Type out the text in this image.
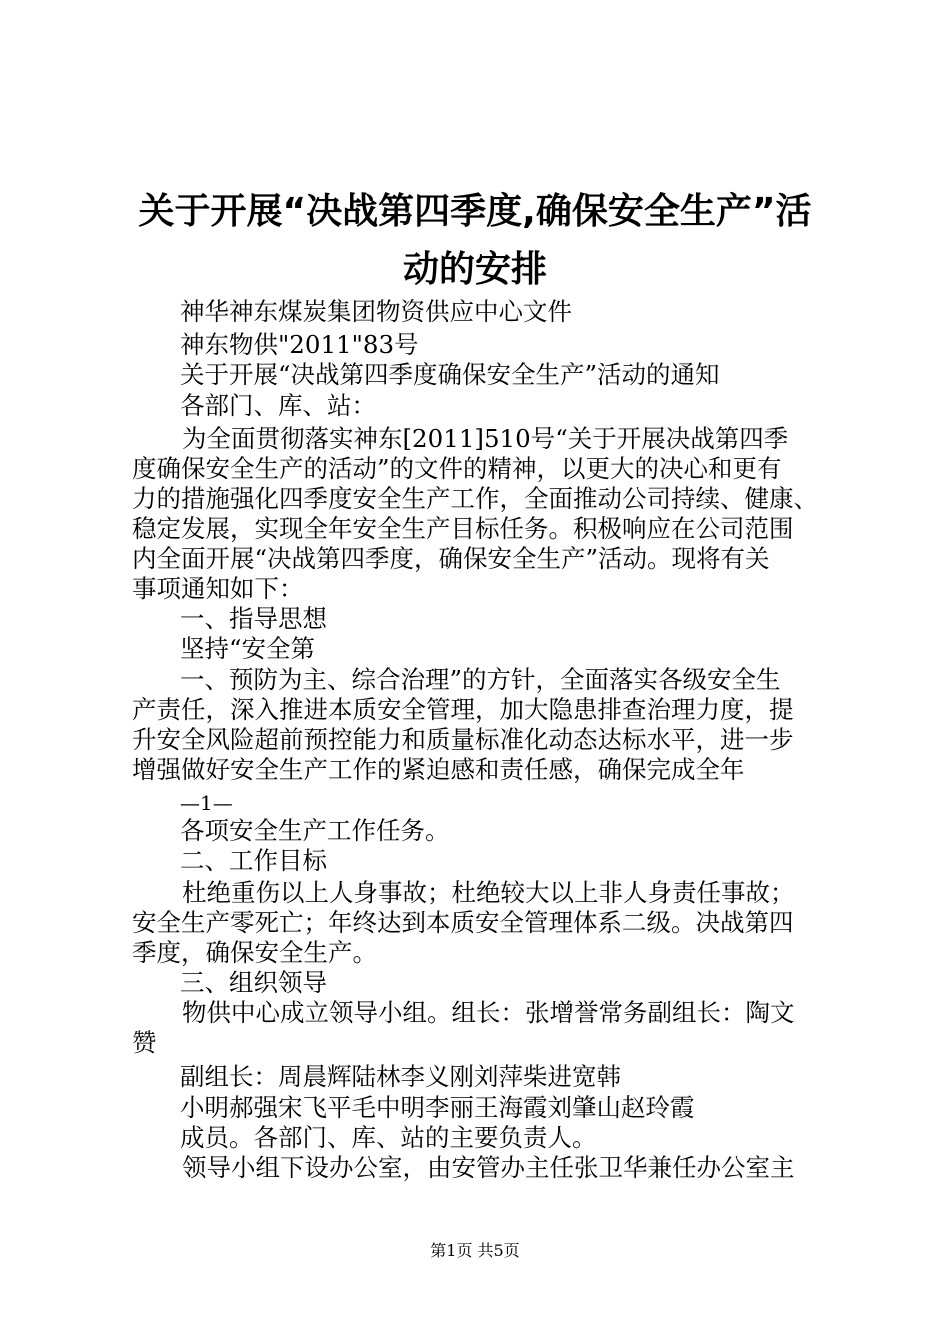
关于开展“决战第四季度,确保安全生产”活
动的安排
神华神东煤炭集团物资供应中心文件
神东物供"2011"83号
关于开展“决战第四季度确保安全生产”活动的通知
各部门、库、站：
为全面贯彻落实神东[2011]510号“关于开展决战第四季
度确保安全生产的活动”的文件的精神，以更大的决心和更有
力的措施强化四季度安全生产工作，全面推动公司持续、健康、
稳定发展，实现全年安全生产目标任务。积极响应在公司范围
内全面开展“决战第四季度，确保安全生产”活动。现将有关
事项通知如下：
一、指导思想
坚持“安全第
一、预防为主、综合治理”的方针，全面落实各级安全生
产责任，深入推进本质安全管理，加大隐患排查治理力度，提
升安全风险超前预控能力和质量标准化动态达标水平，进一步
增强做好安全生产工作的紧迫感和责任感，确保完成全年
—1—
各项安全生产工作任务。
二、工作目标
杜绝重伤以上人身事故；杜绝较大以上非人身责任事故；
安全生产零死亡；年终达到本质安全管理体系二级。决战第四
季度，确保安全生产。
三、组织领导
物供中心成立领导小组。组长：张增誉常务副组长：陶文
赞
副组长：周晨辉陆林李义刚刘萍柴进宽韩
小明郝强宋飞平毛中明李丽王海霞刘肇山赵玲霞
成员。各部门、库、站的主要负责人。
领导小组下设办公室，由安管办主任张卫华兼任办公室主
第1页 共5页
